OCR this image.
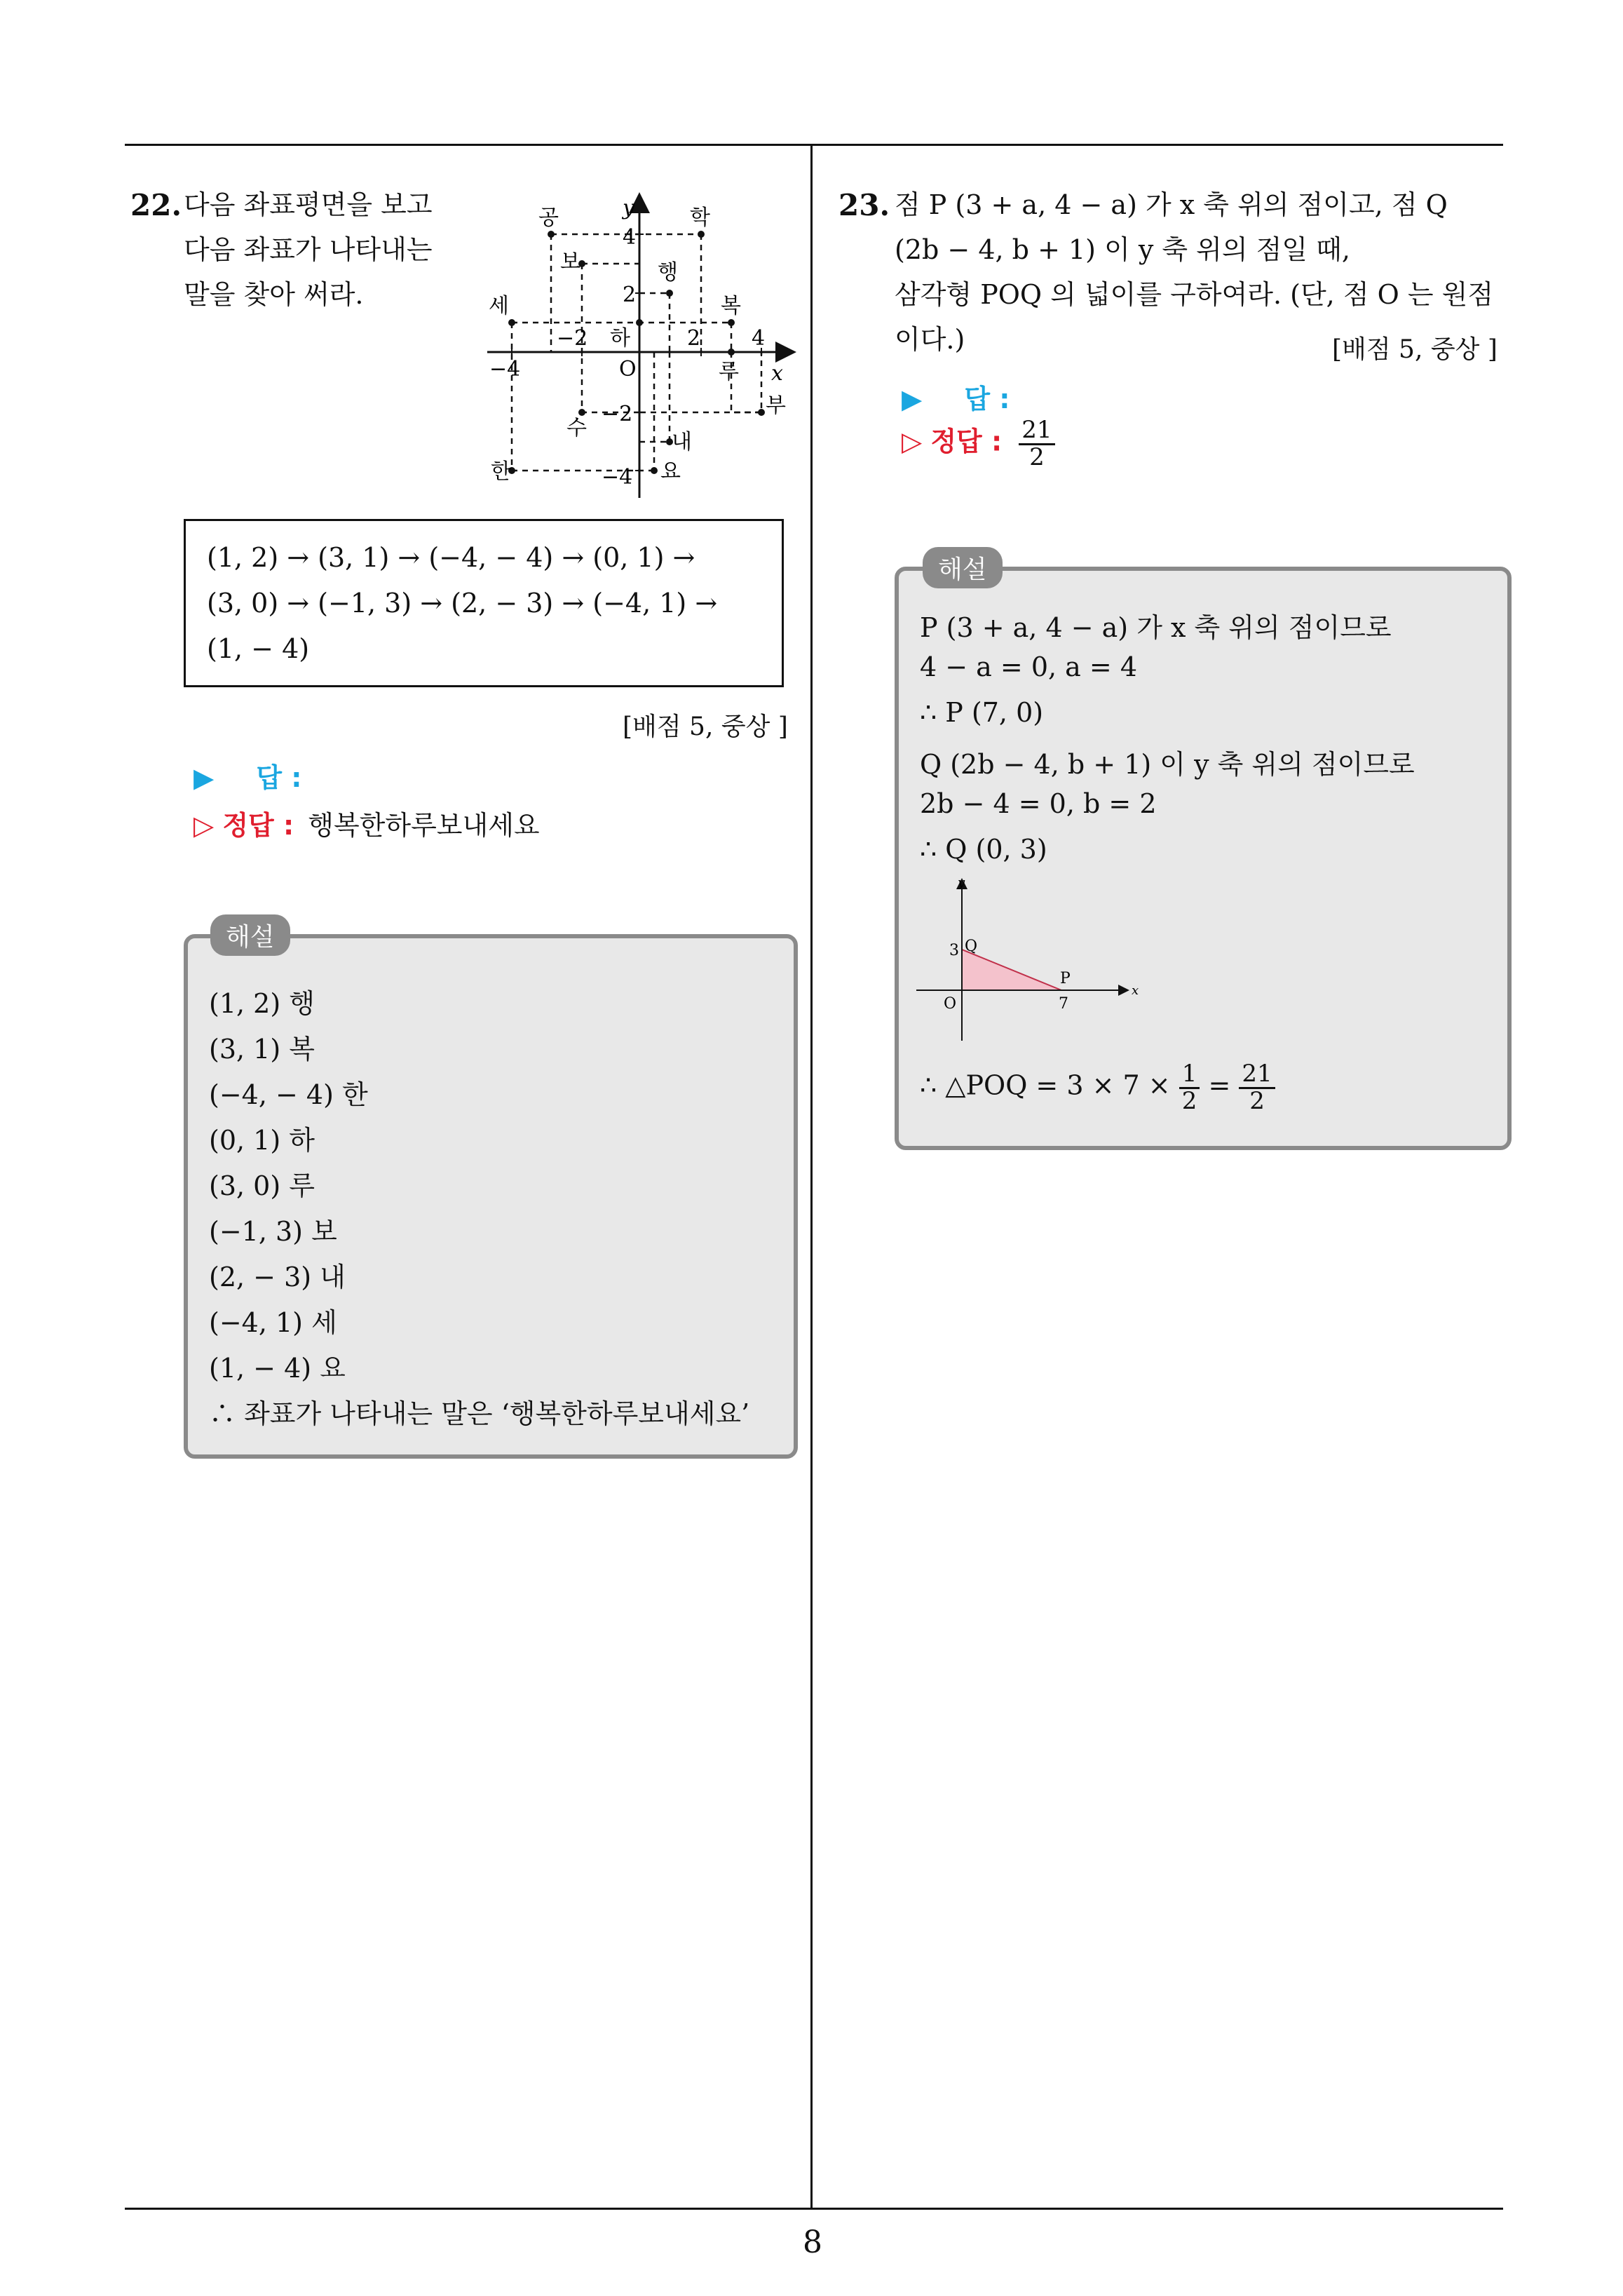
8
22. 다음 좌표평면을 보고
다음 좌표가 나타내는
말을 찾아 써라.
공	학
보	행
세	복
하
루
부
수
내
한	요
y
x
O
4
2
−2
−4
−4
−2	2 4
(1, 2) → (3, 1) → (−4, − 4) → (0, 1) →
(3, 0) → (−1, 3) → (2, − 3) → (−4, 1) →
(1, − 4)
[배점 5, 중상 ]
▶ 답 :
▷ 정답 : 행복한하루보내세요
(1, 2) 행
(3, 1) 복
(−4, − 4) 한
(0, 1) 하
(3, 0) 루
(−1, 3) 보
(2, − 3) 내
(−4, 1) 세
(1, − 4) 요
∴ 좌표가 나타내는 말은 ‘행복한하루보내세요’
해설
23. 점 P (3 + a, 4 − a) 가 x 축 위의 점이고, 점 Q
(2b − 4, b + 1) 이 y 축 위의 점일 때,
삼각형 POQ 의 넓이를 구하여라. (단, 점 O 는 원점
이다.)	[배점 5, 중상 ]
▶ 답 :
▷ 정답 : $\frac{21}{2}$
P (3 + a, 4 − a) 가 x 축 위의 점이므로
4 − a = 0, a = 4
∴ P (7, 0)
Q (2b − 4, b + 1) 이 y 축 위의 점이므로
2b − 4 = 0, b = 2
∴ Q (0, 3)
y
x
O
Q
P
3
7
∴ △POQ = $3 \times 7 \times \frac{1}{2} = \frac{21}{2}$
해설
